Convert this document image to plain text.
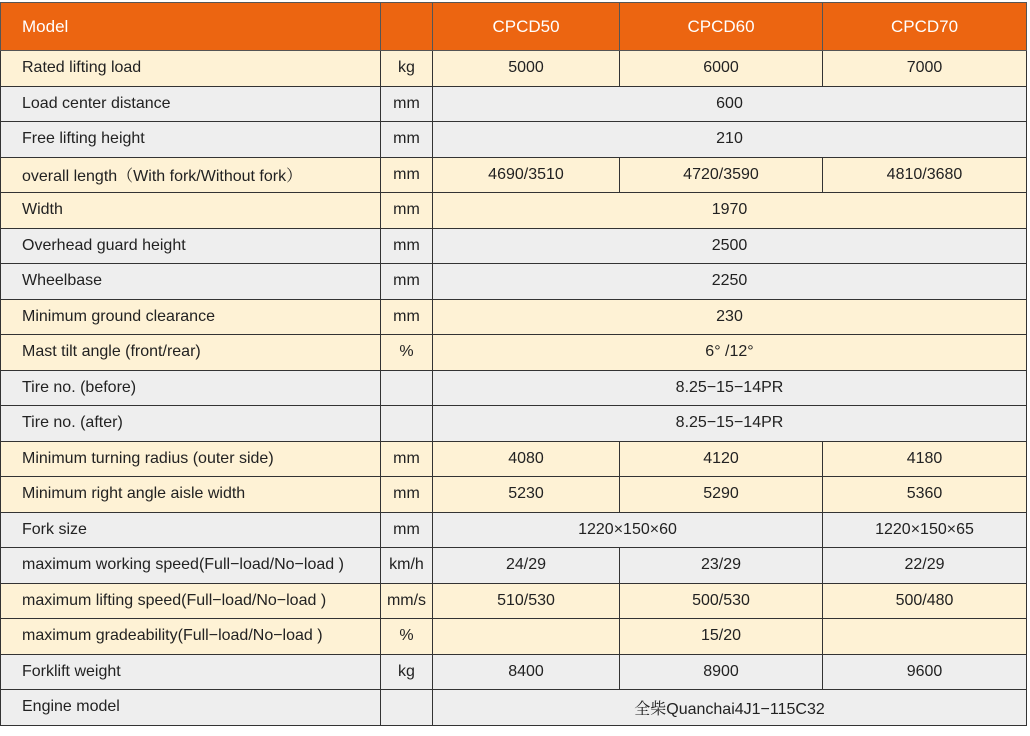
Model		CPCD50	CPCD60	CPCD70
Rated lifting load	kg	5000	6000	7000
Load center distance	mm	600		
Free lifting height	mm	210		
overall length（With fork/Without fork）	mm	4690/3510	4720/3590	4810/3680
Width	mm	1970		
Overhead guard height	mm	2500		
Wheelbase	mm	2250		
Minimum ground clearance	mm	230		
Mast tilt angle (front/rear)	%	6° /12°		
Tire no. (before)		8.25−15−14PR		
Tire no. (after)		8.25−15−14PR		
Minimum turning radius (outer side)	mm	4080	4120	4180
Minimum right angle aisle width	mm	5230	5290	5360
Fork size	mm	1220×150×60		1220×150×65
maximum working speed(Full−load/No−load )	km/h	24/29	23/29	22/29
maximum lifting speed(Full−load/No−load )	mm/s	510/530	500/530	500/480
maximum gradeability(Full−load/No−load )	%		15/20	
Forklift weight	kg	8400	8900	9600
Engine model		全柴Quanchai4J1−115C32		
